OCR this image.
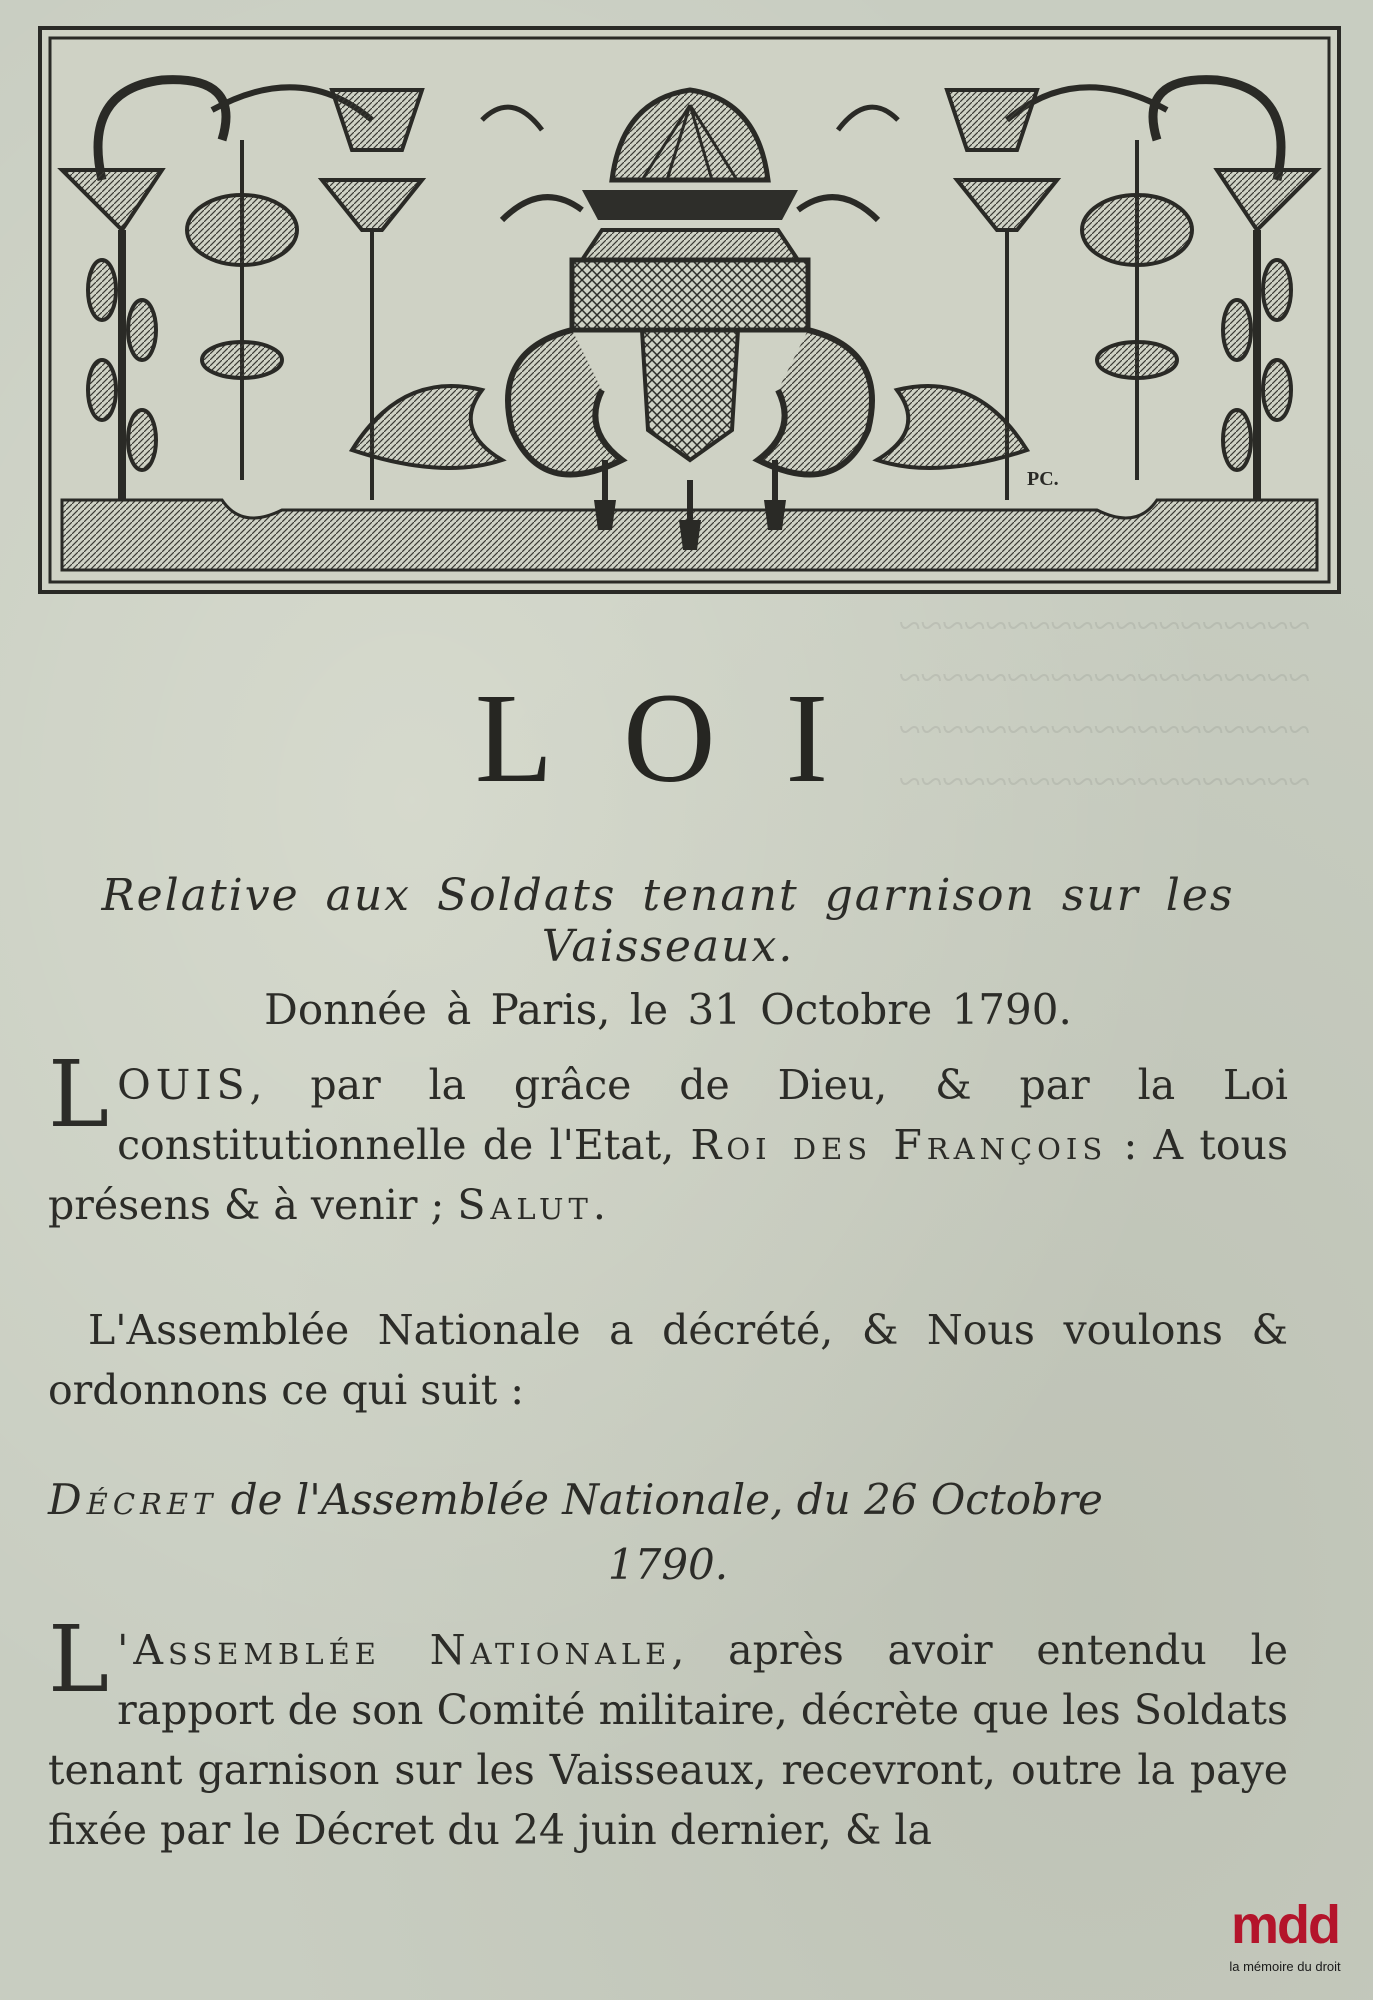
~~~~~~~~~~~~~~~~~~~
~~~~~~~~~~~~~~~~~~~
~~~~~~~~~~~~~~~~~~~
~~~~~~~~~~~~~~~~~~~
PC.
LOI
Relative aux Soldats tenant garnison sur les Vaisseaux.
Donnée à Paris, le 31 Octobre 1790.
LOUIS, par la grâce de Dieu, & par la Loi constitutionnelle de l'Etat, Roi des François : A tous présens & à venir ; Salut.
L'Assemblée Nationale a décrété, & Nous voulons & ordonnons ce qui suit :
Décret de l'Assemblée Nationale, du 26 Octobre
1790.
L 'Assemblée Nationale, après avoir entendu le rapport de son Comité militaire, décrète que les Soldats tenant garnison sur les Vaisseaux, recevront, outre la paye fixée par le Décret du 24 juin dernier, & la
mdd
la mémoire du droit
